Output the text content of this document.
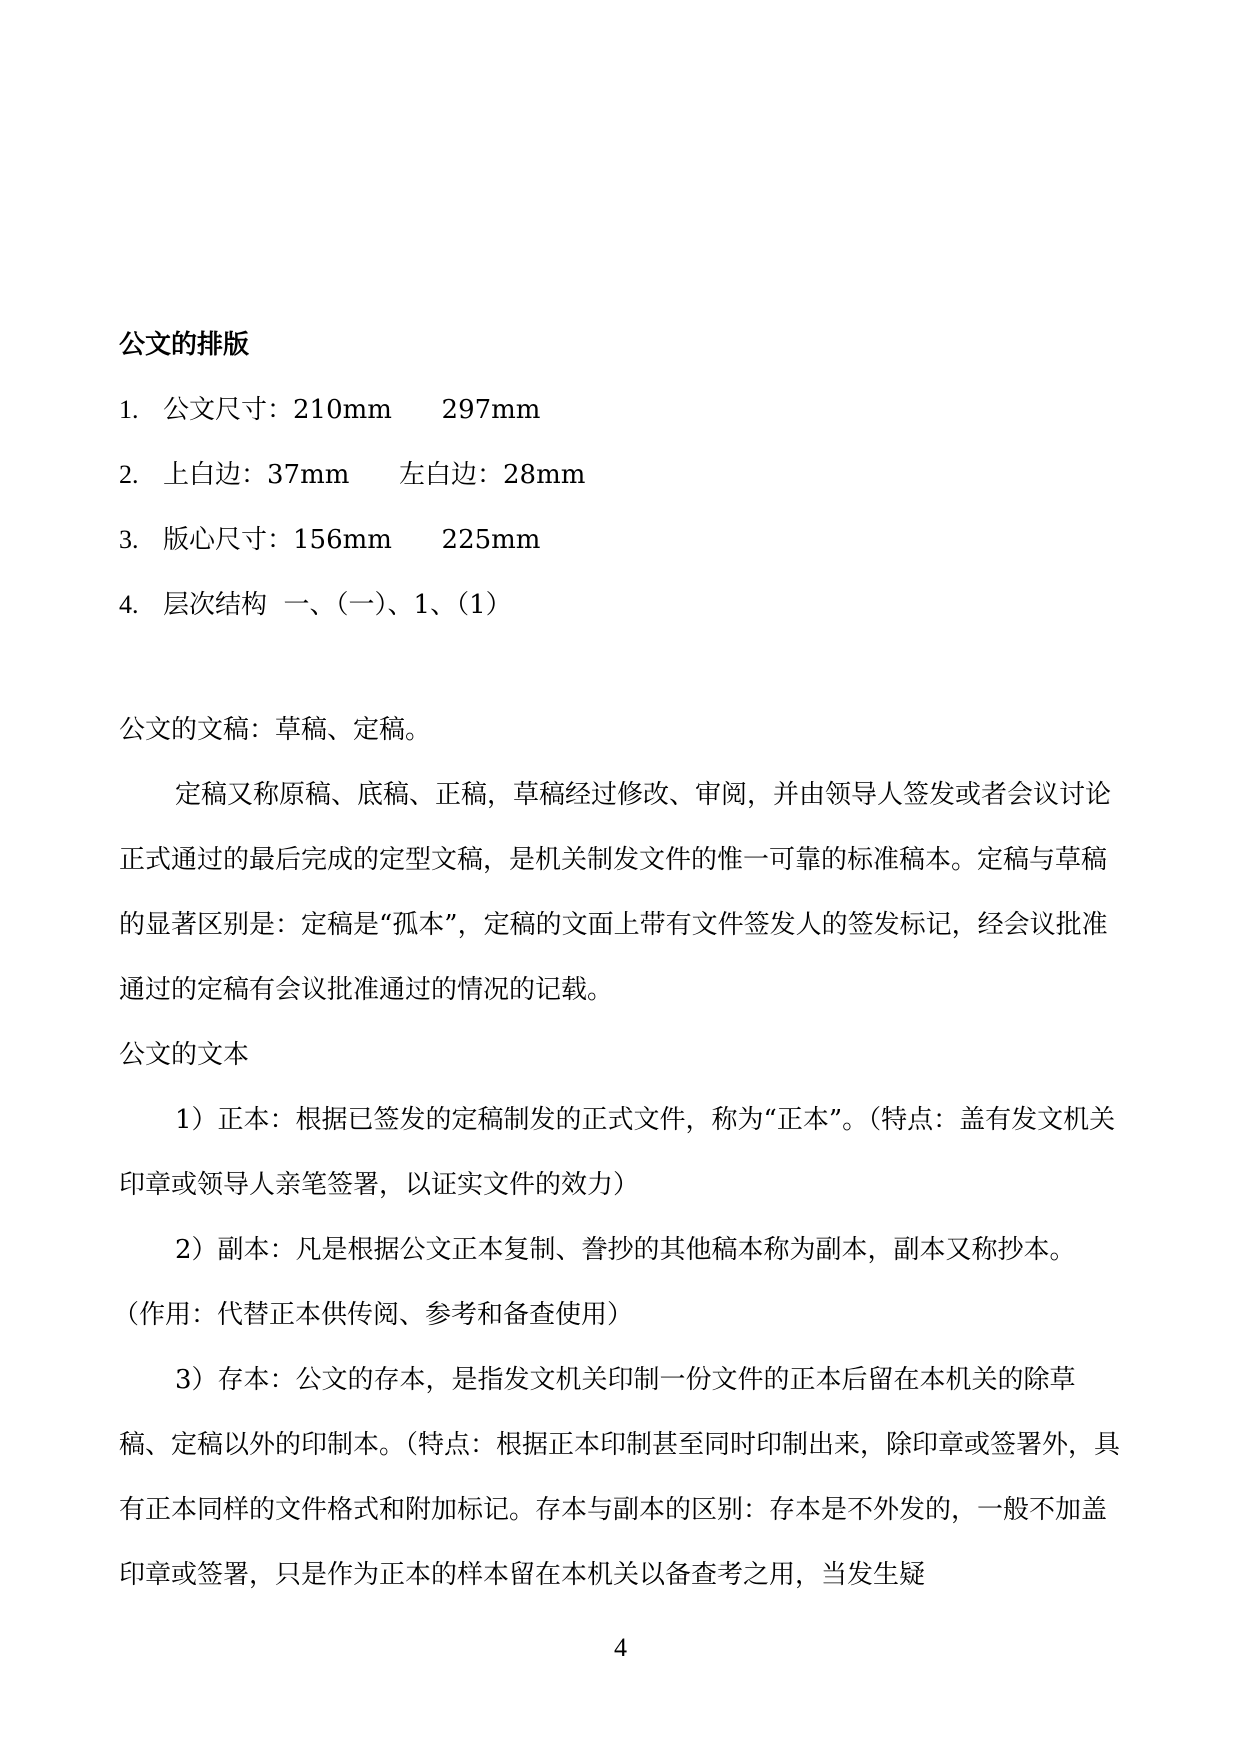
公文的排版
1. 公文尺寸：210mm      297mm
2. 上白边：37mm      左白边：28mm
3. 版心尺寸：156mm      225mm
4. 层次结构  一、（一）、1、（1）

公文的文稿：草稿、定稿。

定稿又称原稿、底稿、正稿，草稿经过修改、审阅，并由领导人签发或者会议讨论正式通过的最后完成的定型文稿，是机关制发文件的惟一可靠的标准稿本。定稿与草稿的显著区别是：定稿是“孤本”，定稿的文面上带有文件签发人的签发标记，经会议批准通过的定稿有会议批准通过的情况的记载。

公文的文本

1）正本：根据已签发的定稿制发的正式文件，称为“正本”。（特点：盖有发文机关印章或领导人亲笔签署，以证实文件的效力）

2）副本：凡是根据公文正本复制、誊抄的其他稿本称为副本，副本又称抄本。

（作用：代替正本供传阅、参考和备查使用）

3）存本：公文的存本，是指发文机关印制一份文件的正本后留在本机关的除草稿、定稿以外的印制本。（特点：根据正本印制甚至同时印制出来，除印章或签署外，具有正本同样的文件格式和附加标记。存本与副本的区别：存本是不外发的，一般不加盖印章或签署，只是作为正本的样本留在本机关以备查考之用，当发生疑

4
